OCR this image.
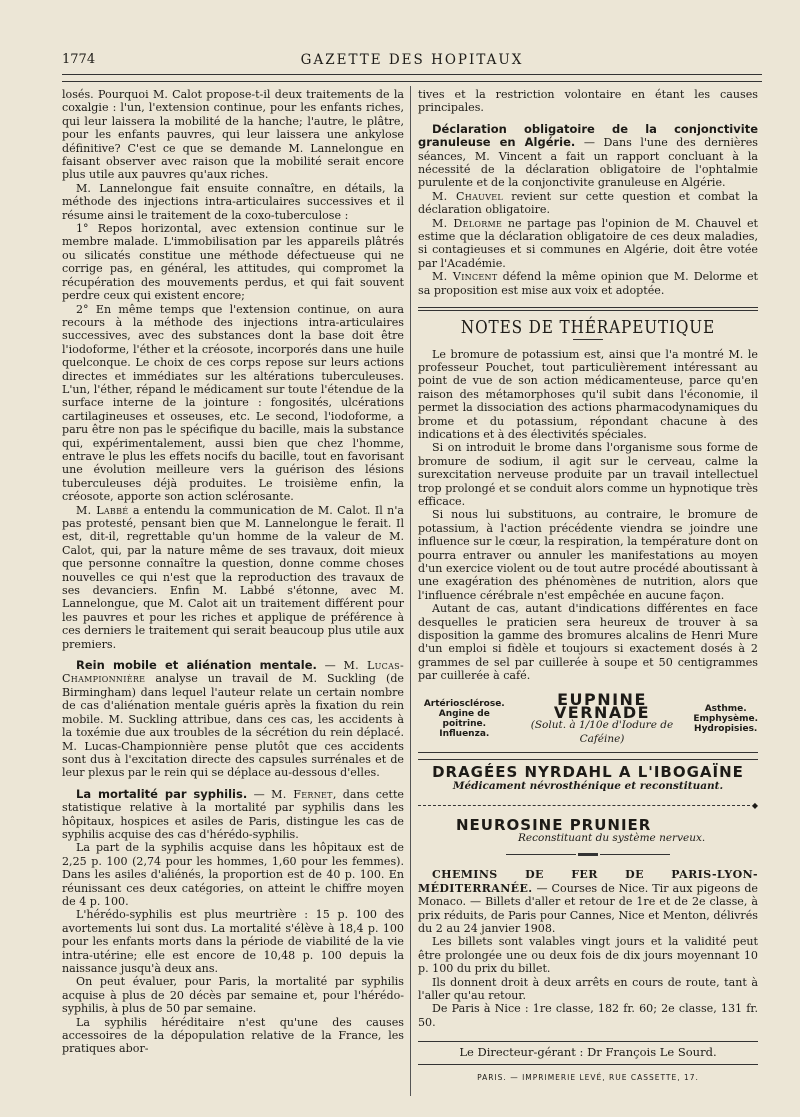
1774	GAZETTE DES HOPITAUX

losés. Pourquoi M. Calot propose-t-il deux traitements de la coxalgie : l'un, l'extension continue, pour les enfants riches, qui leur laissera la mobilité de la hanche; l'autre, le plâtre, pour les enfants pauvres, qui leur laissera une ankylose définitive? C'est ce que se demande M. Lannelongue en faisant observer avec raison que la mobilité serait encore plus utile aux pauvres qu'aux riches.

M. Lannelongue fait ensuite connaître, en détails, la méthode des injections intra-articulaires successives et il résume ainsi le traitement de la coxo-tuberculose :

1° Repos horizontal, avec extension continue sur le membre malade. L'immobilisation par les appareils plâtrés ou silicatés constitue une méthode défectueuse qui ne corrige pas, en général, les attitudes, qui compromet la récupération des mouvements perdus, et qui fait souvent perdre ceux qui existent encore;

2° En même temps que l'extension continue, on aura recours à la méthode des injections intra-articulaires successives, avec des substances dont la base doit être l'iodoforme, l'éther et la créosote, incorporés dans une huile quelconque. Le choix de ces corps repose sur leurs actions directes et immédiates sur les altérations tuberculeuses. L'un, l'éther, répand le médicament sur toute l'étendue de la surface interne de la jointure : fongosités, ulcérations cartilagineuses et osseuses, etc. Le second, l'iodoforme, a paru être non pas le spécifique du bacille, mais la substance qui, expérimentalement, aussi bien que chez l'homme, entrave le plus les effets nocifs du bacille, tout en favorisant une évolution meilleure vers la guérison des lésions tuberculeuses déjà produites. Le troisième enfin, la créosote, apporte son action sclérosante.

M. Labbé a entendu la communication de M. Calot. Il n'a pas protesté, pensant bien que M. Lannelongue le ferait. Il est, dit-il, regrettable qu'un homme de la valeur de M. Calot, qui, par la nature même de ses travaux, doit mieux que personne connaître la question, donne comme choses nouvelles ce qui n'est que la reproduction des travaux de ses devanciers. Enfin M. Labbé s'étonne, avec M. Lannelongue, que M. Calot ait un traitement différent pour les pauvres et pour les riches et applique de préférence à ces derniers le traitement qui serait beaucoup plus utile aux premiers.

Rein mobile et aliénation mentale. — M. Lucas-Championnière analyse un travail de M. Suckling (de Birmingham) dans lequel l'auteur relate un certain nombre de cas d'aliénation mentale guéris après la fixation du rein mobile. M. Suckling attribue, dans ces cas, les accidents à la toxémie due aux troubles de la sécrétion du rein déplacé. M. Lucas-Championnière pense plutôt que ces accidents sont dus à l'excitation directe des capsules surrénales et de leur plexus par le rein qui se déplace au-dessous d'elles.

La mortalité par syphilis. — M. Fernet, dans cette statistique relative à la mortalité par syphilis dans les hôpitaux, hospices et asiles de Paris, distingue les cas de syphilis acquise des cas d'hérédo-syphilis.

La part de la syphilis acquise dans les hôpitaux est de 2,25 p. 100 (2,74 pour les hommes, 1,60 pour les femmes). Dans les asiles d'aliénés, la proportion est de 40 p. 100. En réunissant ces deux catégories, on atteint le chiffre moyen de 4 p. 100.

L'hérédo-syphilis est plus meurtrière : 15 p. 100 des avortements lui sont dus. La mortalité s'élève à 18,4 p. 100 pour les enfants morts dans la période de viabilité de la vie intra-utérine; elle est encore de 10,48 p. 100 depuis la naissance jusqu'à deux ans.

On peut évaluer, pour Paris, la mortalité par syphilis acquise à plus de 20 décès par semaine et, pour l'hérédo-syphilis, à plus de 50 par semaine.

La syphilis héréditaire n'est qu'une des causes accessoires de la dépopulation relative de la France, les pratiques abor-

tives et la restriction volontaire en étant les causes principales.

Déclaration obligatoire de la conjonctivite granuleuse en Algérie. — Dans l'une des dernières séances, M. Vincent a fait un rapport concluant à la nécessité de la déclaration obligatoire de l'ophtalmie purulente et de la conjonctivite granuleuse en Algérie.

M. Chauvel revient sur cette question et combat la déclaration obligatoire.

M. Delorme ne partage pas l'opinion de M. Chauvel et estime que la déclaration obligatoire de ces deux maladies, si contagieuses et si communes en Algérie, doit être votée par l'Académie.

M. Vincent défend la même opinion que M. Delorme et sa proposition est mise aux voix et adoptée.

NOTES DE THÉRAPEUTIQUE

Le bromure de potassium est, ainsi que l'a montré M. le professeur Pouchet, tout particulièrement intéressant au point de vue de son action médicamenteuse, parce qu'en raison des métamorphoses qu'il subit dans l'économie, il permet la dissociation des actions pharmacodynamiques du brome et du potassium, répondant chacune à des indications et à des électivités spéciales.

Si on introduit le brome dans l'organisme sous forme de bromure de sodium, il agit sur le cerveau, calme la surexcitation nerveuse produite par un travail intellectuel trop prolongé et se conduit alors comme un hypnotique très efficace.

Si nous lui substituons, au contraire, le bromure de potassium, à l'action précédente viendra se joindre une influence sur le cœur, la respiration, la température dont on pourra entraver ou annuler les manifestations au moyen d'un exercice violent ou de tout autre procédé aboutissant à une exagération des phénomènes de nutrition, alors que l'influence cérébrale n'est empêchée en aucune façon.

Autant de cas, autant d'indications différentes en face desquelles le praticien sera heureux de trouver à sa disposition la gamme des bromures alcalins de Henri Mure d'un emploi si fidèle et toujours si exactement dosés à 2 grammes de sel par cuillerée à soupe et 50 centigrammes par cuillerée à café.

Artériosclérose.
Angine de poitrine.
Influenza.
EUPNINE VERNADE
(Solut. à 1/10e d'Iodure de Caféine)
Asthme.
Emphysème.
Hydropisies.
DRAGÉES NYRDAHL A L'IBOGAÏNE
Médicament névrosthénique et reconstituant.
◆
NEUROSINE PRUNIER
Reconstituant du système nerveux.

CHEMINS DE FER DE PARIS-LYON-MÉDITERRANÉE. — Courses de Nice. Tir aux pigeons de Monaco. — Billets d'aller et retour de 1re et de 2e classe, à prix réduits, de Paris pour Cannes, Nice et Menton, délivrés du 2 au 24 janvier 1908.

Les billets sont valables vingt jours et la validité peut être prolongée une ou deux fois de dix jours moyennant 10 p. 100 du prix du billet.

Ils donnent droit à deux arrêts en cours de route, tant à l'aller qu'au retour.

De Paris à Nice : 1re classe, 182 fr. 60; 2e classe, 131 fr. 50.

Le Directeur-gérant : Dr François Le Sourd.
PARIS. — IMPRIMERIE LEVÉ, RUE CASSETTE, 17.
